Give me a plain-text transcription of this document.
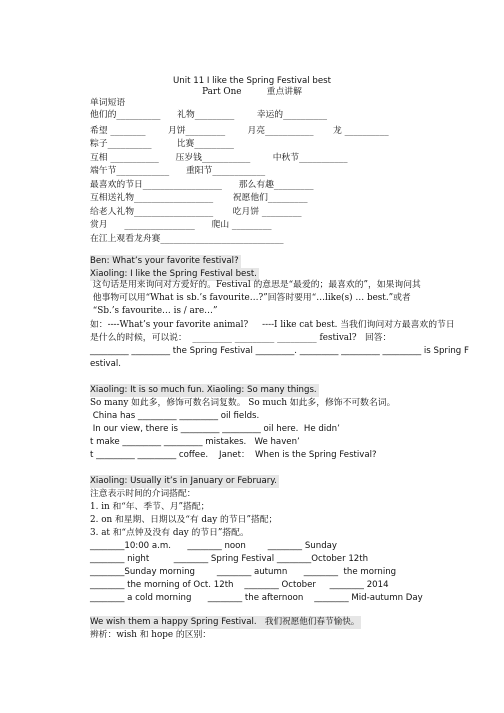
Unit 11 I like the Spring Festival best
Part One         重点讲解
单词短语
他们的__________      礼物_________        幸运的__________
希望 ________        月饼_________        月亮___________       龙 __________
粽子__________         比赛_________
互相 ___________      压岁钱___________        中秋节___________
端午节____________      重阳节____________
最喜欢的节日__________________      那么有趣_________
互相送礼物__________________       祝愿他们_________
给老人礼物__________________       吃月饼 _________
赏月      ________________      爬山 _________
在江上观看龙舟赛____________________________
Ben: What’s your favorite festival?
Xiaoling: I like the Spring Festival best.
这句话是用来询问对方爱好的。Festival 的意思是“最爱的；最喜欢的”，如果询问其
他事物可以用“What is sb.’s favourite…?”回答时要用“…like(s) … best.”或者
“Sb.’s favourite… is / are…”
如：----What’s your favorite animal?     ----I like cat best. 当我们询问对方最喜欢的节日
是什么的时候，可以说：  _________ _________ _________ festival?   回答：
_________ _________ the Spring Festival _________. _________ _________ _________ is Spring F
estival.
Xiaoling: It is so much fun. Xiaoling: So many things.
So many 如此多，修饰可数名词复数。 So much 如此多，修饰不可数名词。
China has _________ _________ oil fields.
In our view, there is _________ _________ oil here.  He didn’
t make _________ _________ mistakes.   We haven’
t _________ _________ coffee.    Janet：  When is the Spring Festival?
Xiaoling: Usually it’s in January or February.
注意表示时间的介词搭配：
1. in 和“年、季节、月”搭配；
2. on 和星期、日期以及“有 day 的节日”搭配；
3. at 和“点钟及没有 day 的节日”搭配。
________10:00 a.m.      ________ noon        ________ Sunday
________ night         ________ Spring Festival ________October 12th
________Sunday morning        ________ autumn      ________  the morning
________ the morning of Oct. 12th    ________ October     ________ 2014
________ a cold morning      ________ the afternoon    ________ Mid-autumn Day
We wish them a happy Spring Festival.   我们祝愿他们春节愉快。
辨析：wish 和 hope 的区别：
